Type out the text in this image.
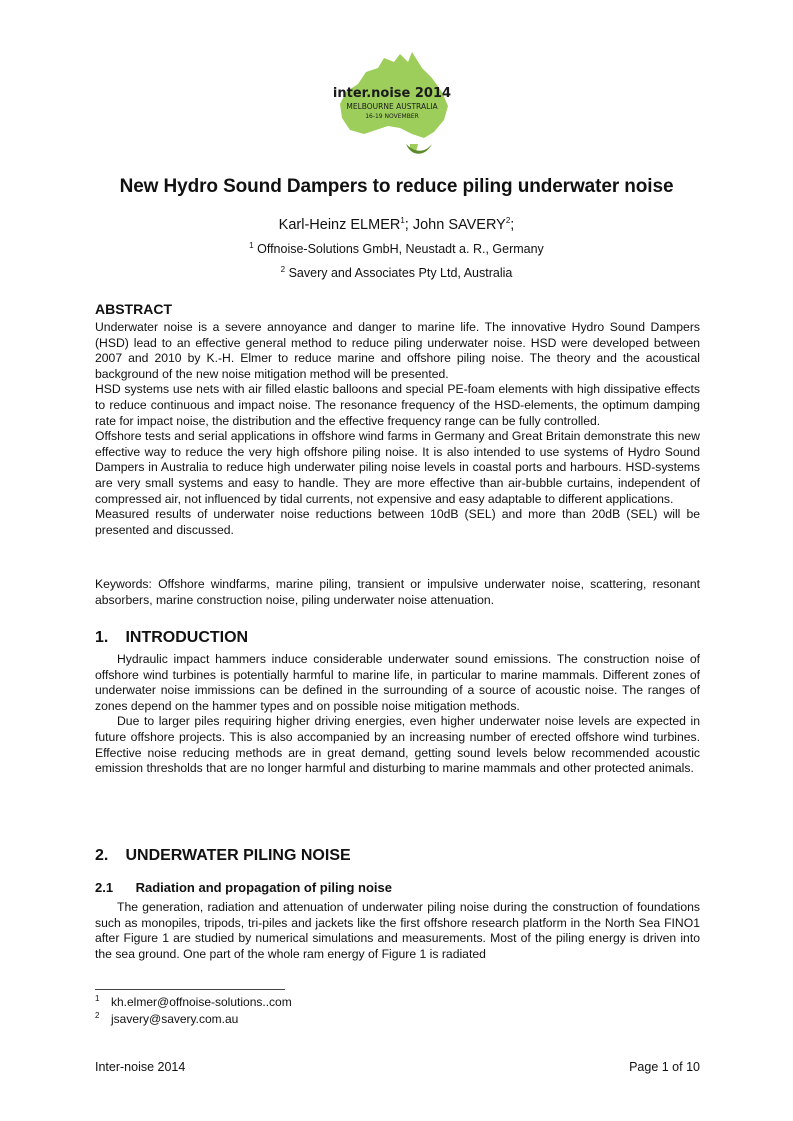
inter.noise 2014
MELBOURNE AUSTRALIA
16-19 NOVEMBER
New Hydro Sound Dampers to reduce piling underwater noise
Karl-Heinz ELMER$^1$; John SAVERY$^2$;
$^1$ Offnoise-Solutions GmbH, Neustadt a. R., Germany
$^2$ Savery and Associates Pty Ltd, Australia
ABSTRACT

Underwater noise is a severe annoyance and danger to marine life. The innovative Hydro Sound Dampers (HSD) lead to an effective general method to reduce piling underwater noise. HSD were developed between 2007 and 2010 by K.-H. Elmer to reduce marine and offshore piling noise. The theory and the acoustical background of the new noise mitigation method will be presented.

HSD systems use nets with air filled elastic balloons and special PE-foam elements with high dissipative effects to reduce continuous and impact noise. The resonance frequency of the HSD-elements, the optimum damping rate for impact noise, the distribution and the effective frequency range can be fully controlled.

Offshore tests and serial applications in offshore wind farms in Germany and Great Britain demonstrate this new effective way to reduce the very high offshore piling noise. It is also intended to use systems of Hydro Sound Dampers in Australia to reduce high underwater piling noise levels in coastal ports and harbours. HSD-systems are very small systems and easy to handle. They are more effective than air-bubble curtains, independent of compressed air, not influenced by tidal currents, not expensive and easy adaptable to different applications.

Measured results of underwater noise reductions between 10dB (SEL) and more than 20dB (SEL) will be presented and discussed.

Keywords: Offshore windfarms, marine piling, transient or impulsive underwater noise, scattering, resonant absorbers, marine construction noise, piling underwater noise attenuation.

1. INTRODUCTION

Hydraulic impact hammers induce considerable underwater sound emissions. The construction noise of offshore wind turbines is potentially harmful to marine life, in particular to marine mammals. Different zones of underwater noise immissions can be defined in the surrounding of a source of acoustic noise. The ranges of zones depend on the hammer types and on possible noise mitigation methods.

Due to larger piles requiring higher driving energies, even higher underwater noise levels are expected in future offshore projects. This is also accompanied by an increasing number of erected offshore wind turbines. Effective noise reducing methods are in great demand, getting sound levels below recommended acoustic emission thresholds that are no longer harmful and disturbing to marine mammals and other protected animals.

2. UNDERWATER PILING NOISE
2.1 Radiation and propagation of piling noise

The generation, radiation and attenuation of underwater piling noise during the construction of foundations such as monopiles, tripods, tri-piles and jackets like the first offshore research platform in the North Sea FINO1 after Figure 1 are studied by numerical simulations and measurements. Most of the piling energy is driven into the sea ground. One part of the whole ram energy of Figure 1 is radiated

1 kh.elmer@offnoise-solutions..com
2 jsavery@savery.com.au
Inter-noise 2014	Page 1 of 10
